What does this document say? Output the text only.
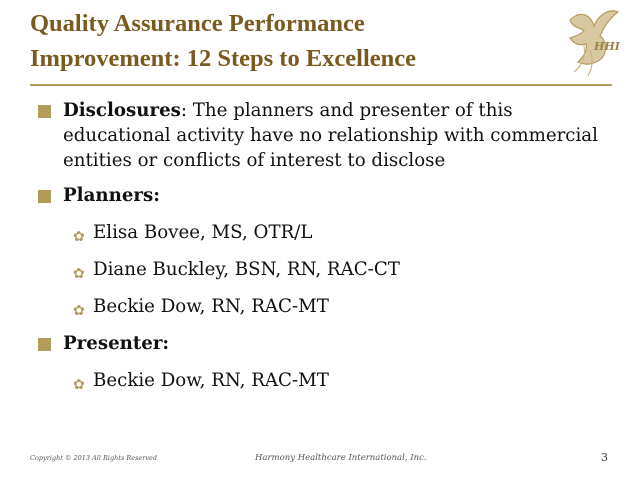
Quality Assurance Performance
Improvement: 12 Steps to Excellence	HHI
Disclosures: The planners and presenter of this educational activity have no relationship with commercial entities or conflicts of interest to disclose
Planners:
✿ Elisa Bovee, MS, OTR/L
✿ Diane Buckley, BSN, RN, RAC-CT
✿ Beckie Dow, RN, RAC-MT
Presenter:
✿ Beckie Dow, RN, RAC-MT
Copyright © 2013 All Rights Reserved	Harmony Healthcare International, Inc.	3
